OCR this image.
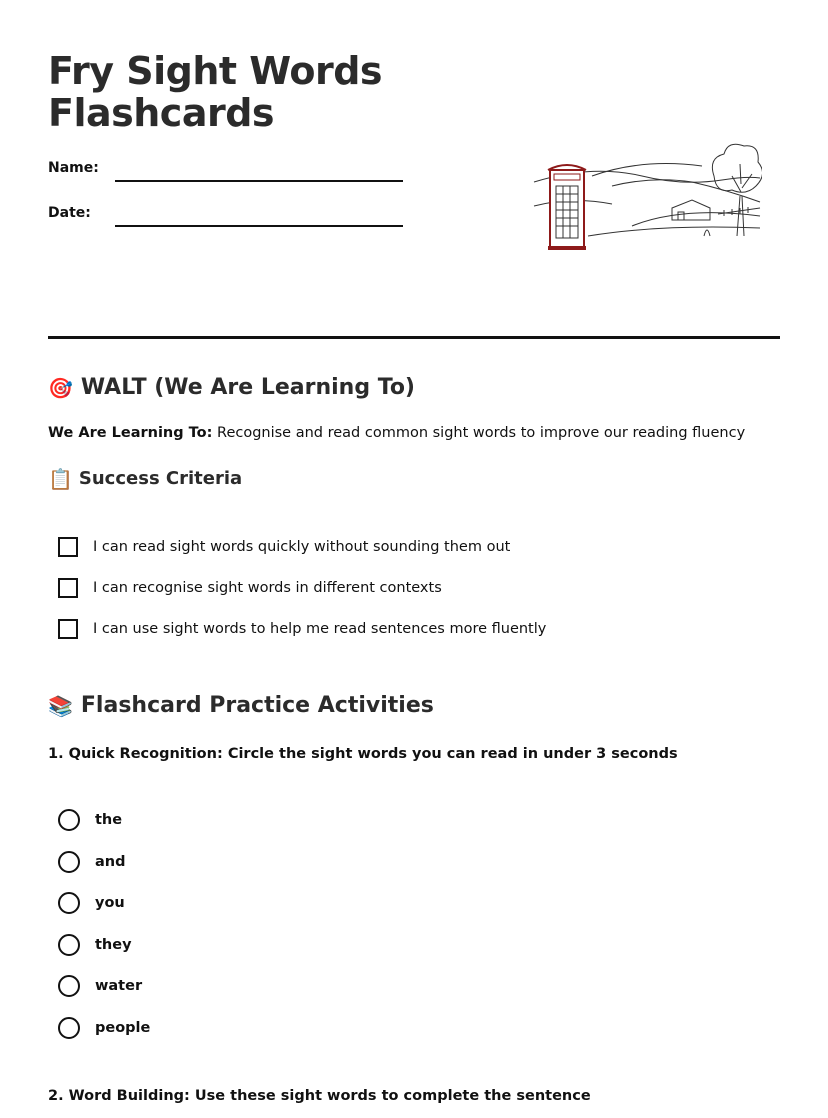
Fry Sight Words
Flashcards
Name:
Date:
🎯 WALT (We Are Learning To)
We Are Learning To: Recognise and read common sight words to improve our reading fluency
📋 Success Criteria
I can read sight words quickly without sounding them out
I can recognise sight words in different contexts
I can use sight words to help me read sentences more fluently
📚 Flashcard Practice Activities
1. Quick Recognition: Circle the sight words you can read in under 3 seconds
the
and
you
they
water
people
2. Word Building: Use these sight words to complete the sentence
